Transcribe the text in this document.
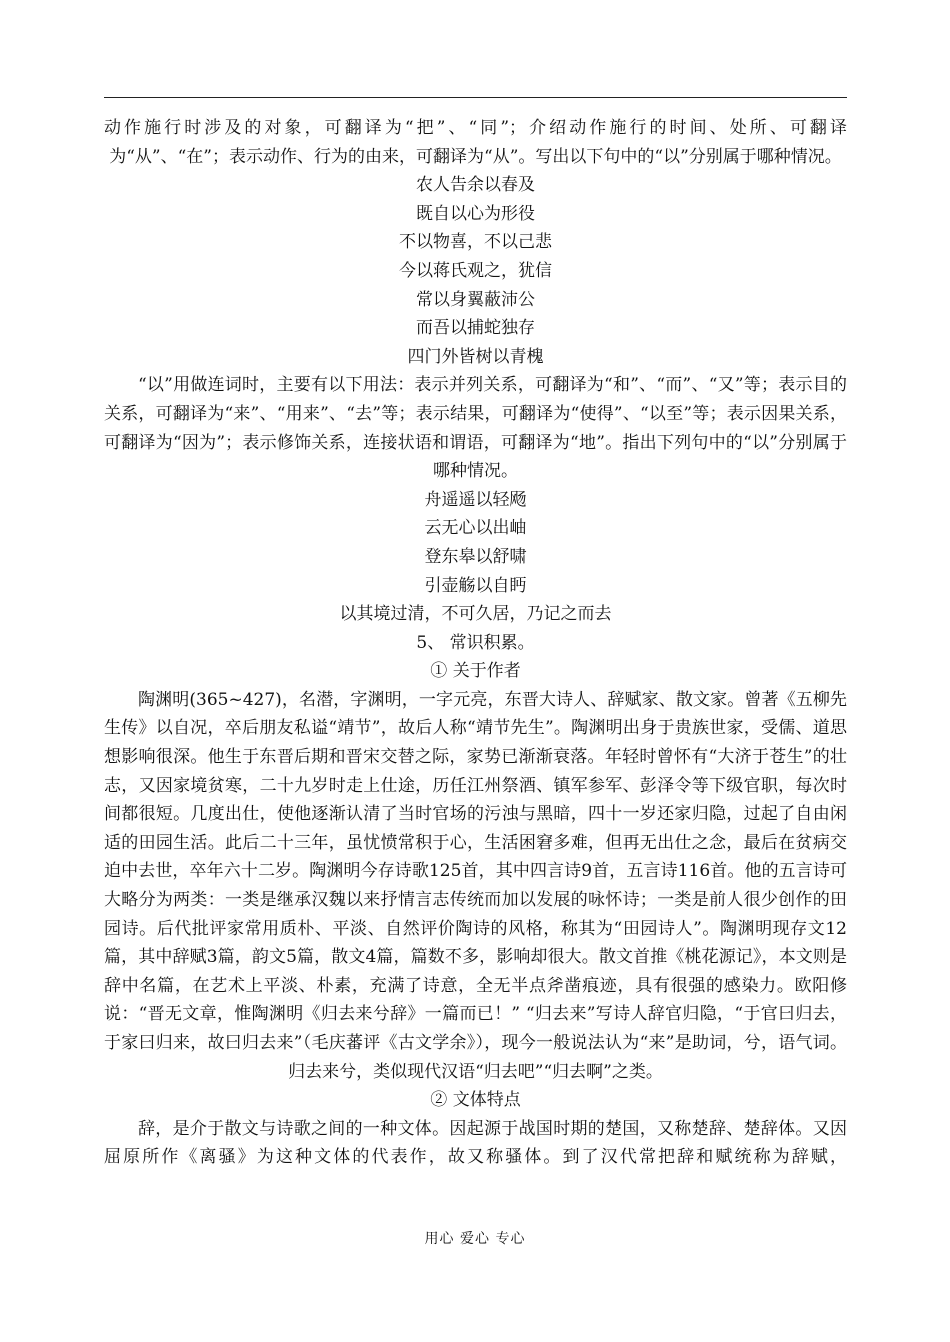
动作施行时涉及的对象，可翻译为“把”、“同”；介绍动作施行的时间、处所、可翻译为“从”、“在”；表示动作、行为的由来，可翻译为“从”。写出以下句中的“以”分别属于哪种情况。

农人告余以春及

既自以心为形役

不以物喜，不以己悲

今以蒋氏观之，犹信

常以身翼蔽沛公

而吾以捕蛇独存

四门外皆树以青槐

“以”用做连词时，主要有以下用法：表示并列关系，可翻译为“和”、“而”、“又”等；表示目的关系，可翻译为“来”、“用来”、“去”等；表示结果，可翻译为“使得”、“以至”等；表示因果关系，可翻译为“因为”；表示修饰关系，连接状语和谓语，可翻译为“地”。指出下列句中的“以”分别属于哪种情况。

舟遥遥以轻飏

云无心以出岫

登东皋以舒啸

引壶觞以自眄

以其境过清，不可久居，乃记之而去

5、 常识积累。

① 关于作者

陶渊明(365~427)，名潜，字渊明，一字元亮，东晋大诗人、辞赋家、散文家。曾著《五柳先生传》以自况，卒后朋友私谥“靖节”，故后人称“靖节先生”。陶渊明出身于贵族世家，受儒、道思想影响很深。他生于东晋后期和晋宋交替之际，家势已渐渐衰落。年轻时曾怀有“大济于苍生”的壮志，又因家境贫寒，二十九岁时走上仕途，历任江州祭酒、镇军参军、彭泽令等下级官职，每次时间都很短。几度出仕，使他逐渐认清了当时官场的污浊与黑暗，四十一岁还家归隐，过起了自由闲适的田园生活。此后二十三年，虽忧愤常积于心，生活困窘多难，但再无出仕之念，最后在贫病交迫中去世，卒年六十二岁。陶渊明今存诗歌125首，其中四言诗9首，五言诗116首。他的五言诗可大略分为两类：一类是继承汉魏以来抒情言志传统而加以发展的咏怀诗；一类是前人很少创作的田园诗。后代批评家常用质朴、平淡、自然评价陶诗的风格，称其为“田园诗人”。陶渊明现存文12篇，其中辞赋3篇，韵文5篇，散文4篇，篇数不多，影响却很大。散文首推《桃花源记》，本文则是辞中名篇，在艺术上平淡、朴素，充满了诗意，全无半点斧凿痕迹，具有很强的感染力。欧阳修说：“晋无文章，惟陶渊明《归去来兮辞》一篇而已！” “归去来”写诗人辞官归隐，“于官曰归去，于家曰归来，故曰归去来”（毛庆蕃评《古文学余》），现今一般说法认为“来”是助词，兮，语气词。归去来兮，类似现代汉语“归去吧”“归去啊”之类。

② 文体特点

辞，是介于散文与诗歌之间的一种文体。因起源于战国时期的楚国，又称楚辞、楚辞体。又因屈原所作《离骚》为这种文体的代表作，故又称骚体。到了汉代常把辞和赋统称为辞赋，

用心 爱心 专心
